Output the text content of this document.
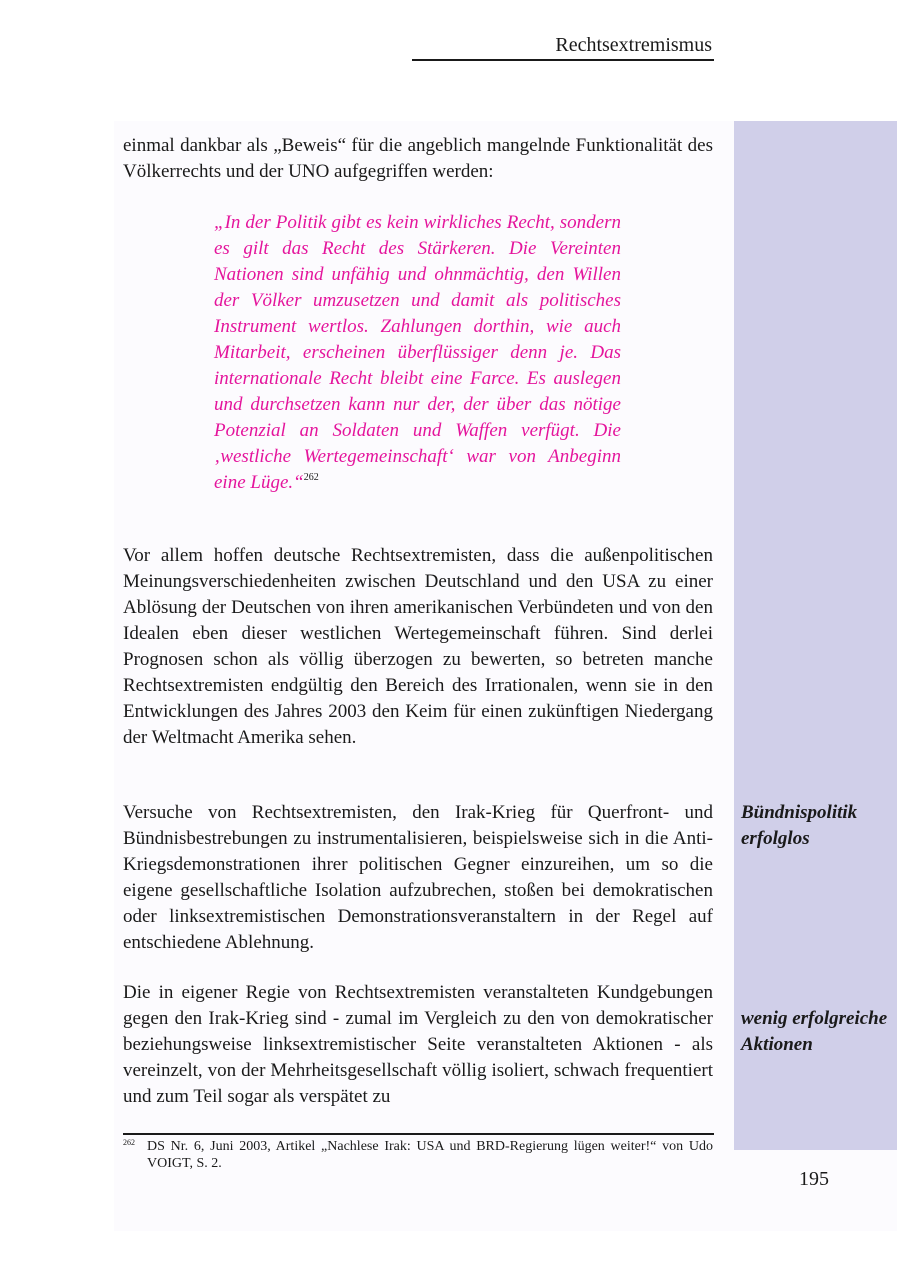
Rechtsextremismus

einmal dankbar als „Beweis“ für die angeblich mangelnde Funktionalität des Völkerrechts und der UNO aufgegriffen werden:

„In der Politik gibt es kein wirkliches Recht, sondern es gilt das Recht des Stärkeren. Die Vereinten Nationen sind unfähig und ohnmächtig, den Willen der Völker umzusetzen und damit als politisches Instrument wertlos. Zahlungen dorthin, wie auch Mitarbeit, erscheinen überflüssiger denn je. Das internationale Recht bleibt eine Farce. Es auslegen und durchsetzen kann nur der, der über das nötige Potenzial an Soldaten und Waffen verfügt. Die ‚westliche Wertegemeinschaft‘ war von Anbeginn eine Lüge.“$^{262}$

Vor allem hoffen deutsche Rechtsextremisten, dass die außenpolitischen Meinungsverschiedenheiten zwischen Deutschland und den USA zu einer Ablösung der Deutschen von ihren amerikanischen Verbündeten und von den Idealen eben dieser westlichen Wertegemeinschaft führen. Sind derlei Prognosen schon als völlig überzogen zu bewerten, so betreten manche Rechtsextremisten endgültig den Bereich des Irrationalen, wenn sie in den Entwicklungen des Jahres 2003 den Keim für einen zukünftigen Niedergang der Weltmacht Amerika sehen.

Versuche von Rechtsextremisten, den Irak-Krieg für Querfront- und Bündnisbestrebungen zu instrumentalisieren, beispielsweise sich in die Anti-Kriegsdemonstrationen ihrer politischen Gegner einzureihen, um so die eigene gesellschaftliche Isolation aufzubrechen, stoßen bei demokratischen oder linksextremistischen Demonstrationsveranstaltern in der Regel auf entschiedene Ablehnung.

Bündnispolitik erfolglos

Die in eigener Regie von Rechtsextremisten veranstalteten Kundgebungen gegen den Irak-Krieg sind - zumal im Vergleich zu den von demokratischer beziehungsweise linksextremistischer Seite veranstalteten Aktionen - als vereinzelt, von der Mehrheitsgesellschaft völlig isoliert, schwach frequentiert und zum Teil sogar als verspätet zu

wenig erfolgreiche Aktionen

262 DS Nr. 6, Juni 2003, Artikel „Nachlese Irak: USA und BRD-Regierung lügen weiter!“ von Udo VOIGT, S. 2.
195
